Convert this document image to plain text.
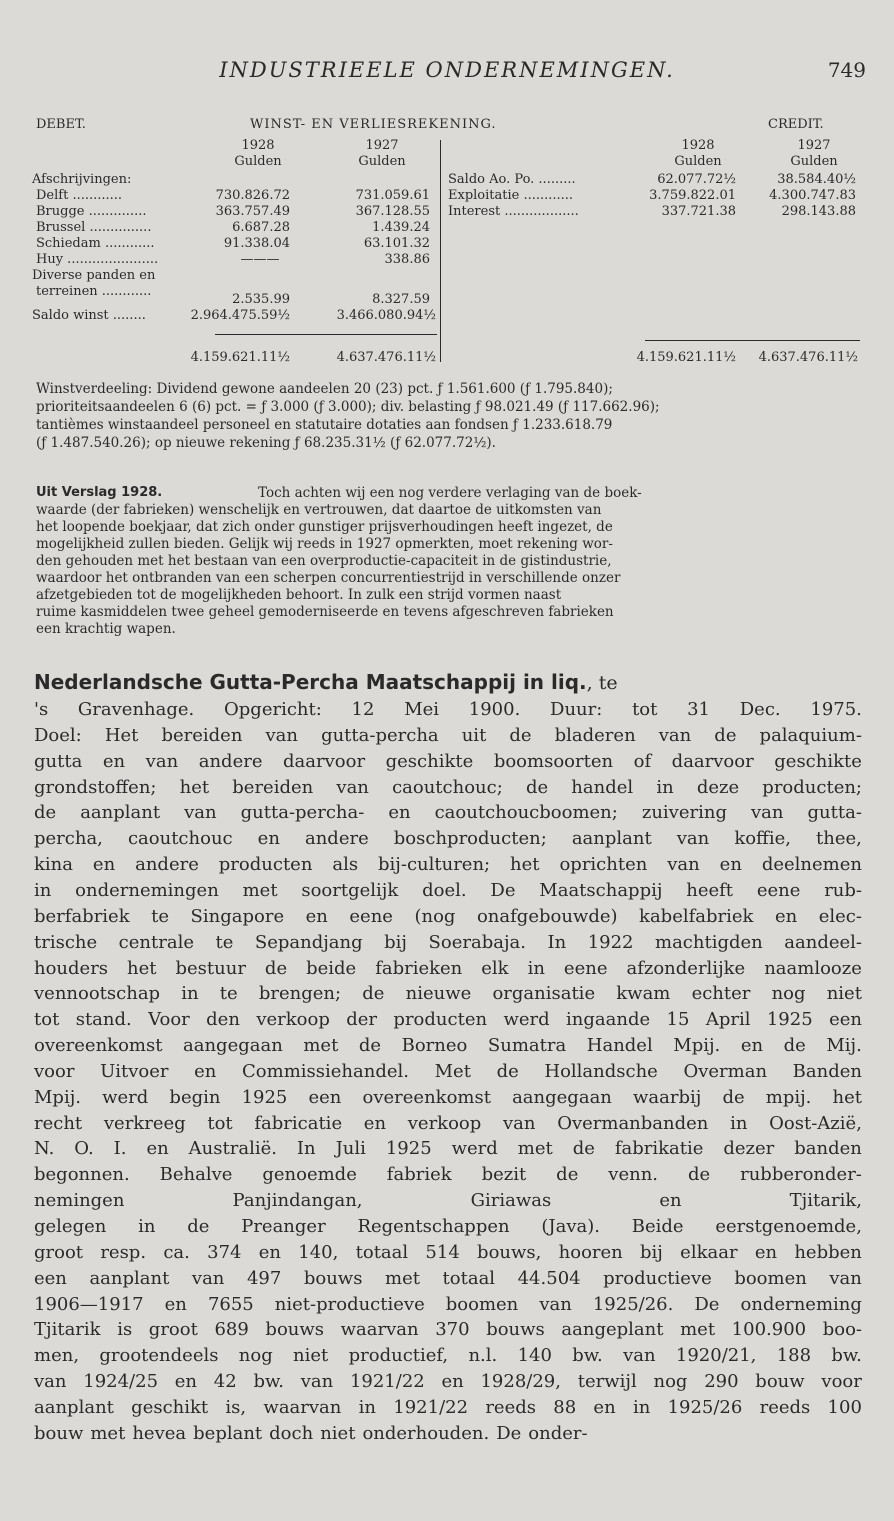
INDUSTRIEELE ONDERNEMINGEN.	749
DEBET.	WINST- EN VERLIESREKENING.	CREDIT.
1928	1927
Gulden	Gulden
1928	1927
Gulden	Gulden
Afschrijvingen:
Delft ............	730.826.72	731.059.61
Brugge ..............	363.757.49	367.128.55
Brussel ...............	6.687.28	1.439.24
Schiedam ............	91.338.04	63.101.32
Huy ......................	———	338.86
Diverse panden en
terreinen ............
2.535.99	8.327.59
Saldo winst ........	2.964.475.59½	3.466.080.94½
Saldo Ao. Po. .........	62.077.72½	38.584.40½
Exploitatie ............	3.759.822.01	4.300.747.83
Interest ..................	337.721.38	298.143.88
4.159.621.11½	4.637.476.11½	4.159.621.11½	4.637.476.11½
Winstverdeeling: Dividend gewone aandeelen 20 (23) pct. ƒ 1.561.600 (ƒ 1.795.840);
prioriteitsaandeelen 6 (6) pct. = ƒ 3.000 (ƒ 3.000); div. belasting ƒ 98.021.49 (ƒ 117.662.96);
tantièmes winstaandeel personeel en statutaire dotaties aan fondsen ƒ 1.233.618.79
(ƒ 1.487.540.26); op nieuwe rekening ƒ 68.235.31½ (ƒ 62.077.72½).
Uit Verslag 1928.	Toch achten wij een nog verdere verlaging van de boek-
waarde (der fabrieken) wenschelijk en vertrouwen, dat daartoe de uitkomsten van
het loopende boekjaar, dat zich onder gunstiger prijsverhoudingen heeft ingezet, de
mogelijkheid zullen bieden. Gelijk wij reeds in 1927 opmerkten, moet rekening wor-
den gehouden met het bestaan van een overproductie-capaciteit in de gistindustrie,
waardoor het ontbranden van een scherpen concurrentiestrijd in verschillende onzer
afzetgebieden tot de mogelijkheden behoort. In zulk een strijd vormen naast
ruime kasmiddelen twee geheel gemoderniseerde en tevens afgeschreven fabrieken
een krachtig wapen.
Nederlandsche Gutta-Percha Maatschappij in liq., te
's Gravenhage. Opgericht: 12 Mei 1900. Duur: tot 31 Dec. 1975.
Doel: Het bereiden van gutta-percha uit de bladeren van de palaquium-
gutta en van andere daarvoor geschikte boomsoorten of daarvoor geschikte
grondstoffen; het bereiden van caoutchouc; de handel in deze producten;
de aanplant van gutta-percha- en caoutchoucboomen; zuivering van gutta-
percha, caoutchouc en andere boschproducten; aanplant van koffie, thee,
kina en andere producten als bij-culturen; het oprichten van en deelnemen
in ondernemingen met soortgelijk doel. De Maatschappij heeft eene rub-
berfabriek te Singapore en eene (nog onafgebouwde) kabelfabriek en elec-
trische centrale te Sepandjang bij Soerabaja. In 1922 machtigden aandeel-
houders het bestuur de beide fabrieken elk in eene afzonderlijke naamlooze
vennootschap in te brengen; de nieuwe organisatie kwam echter nog niet
tot stand. Voor den verkoop der producten werd ingaande 15 April 1925 een
overeenkomst aangegaan met de Borneo Sumatra Handel Mpij. en de Mij.
voor Uitvoer en Commissiehandel. Met de Hollandsche Overman Banden
Mpij. werd begin 1925 een overeenkomst aangegaan waarbij de mpij. het
recht verkreeg tot fabricatie en verkoop van Overmanbanden in Oost-Azië,
N. O. I. en Australië. In Juli 1925 werd met de fabrikatie dezer banden
begonnen. Behalve genoemde fabriek bezit de venn. de rubberonder-
nemingen	Panjindangan,	Giriawas	en	Tjitarik,
gelegen in de Preanger Regentschappen (Java). Beide eerstgenoemde,
groot resp. ca. 374 en 140, totaal 514 bouws, hooren bij elkaar en hebben
een aanplant van 497 bouws met totaal 44.504 productieve boomen van
1906—1917 en 7655 niet-productieve boomen van 1925/26. De onderneming
Tjitarik is groot 689 bouws waarvan 370 bouws aangeplant met 100.900 boo-
men, grootendeels nog niet productief, n.l. 140 bw. van 1920/21, 188 bw.
van 1924/25 en 42 bw. van 1921/22 en 1928/29, terwijl nog 290 bouw voor
aanplant geschikt is, waarvan in 1921/22 reeds 88 en in 1925/26 reeds 100
bouw met hevea beplant doch niet onderhouden. De onder-
